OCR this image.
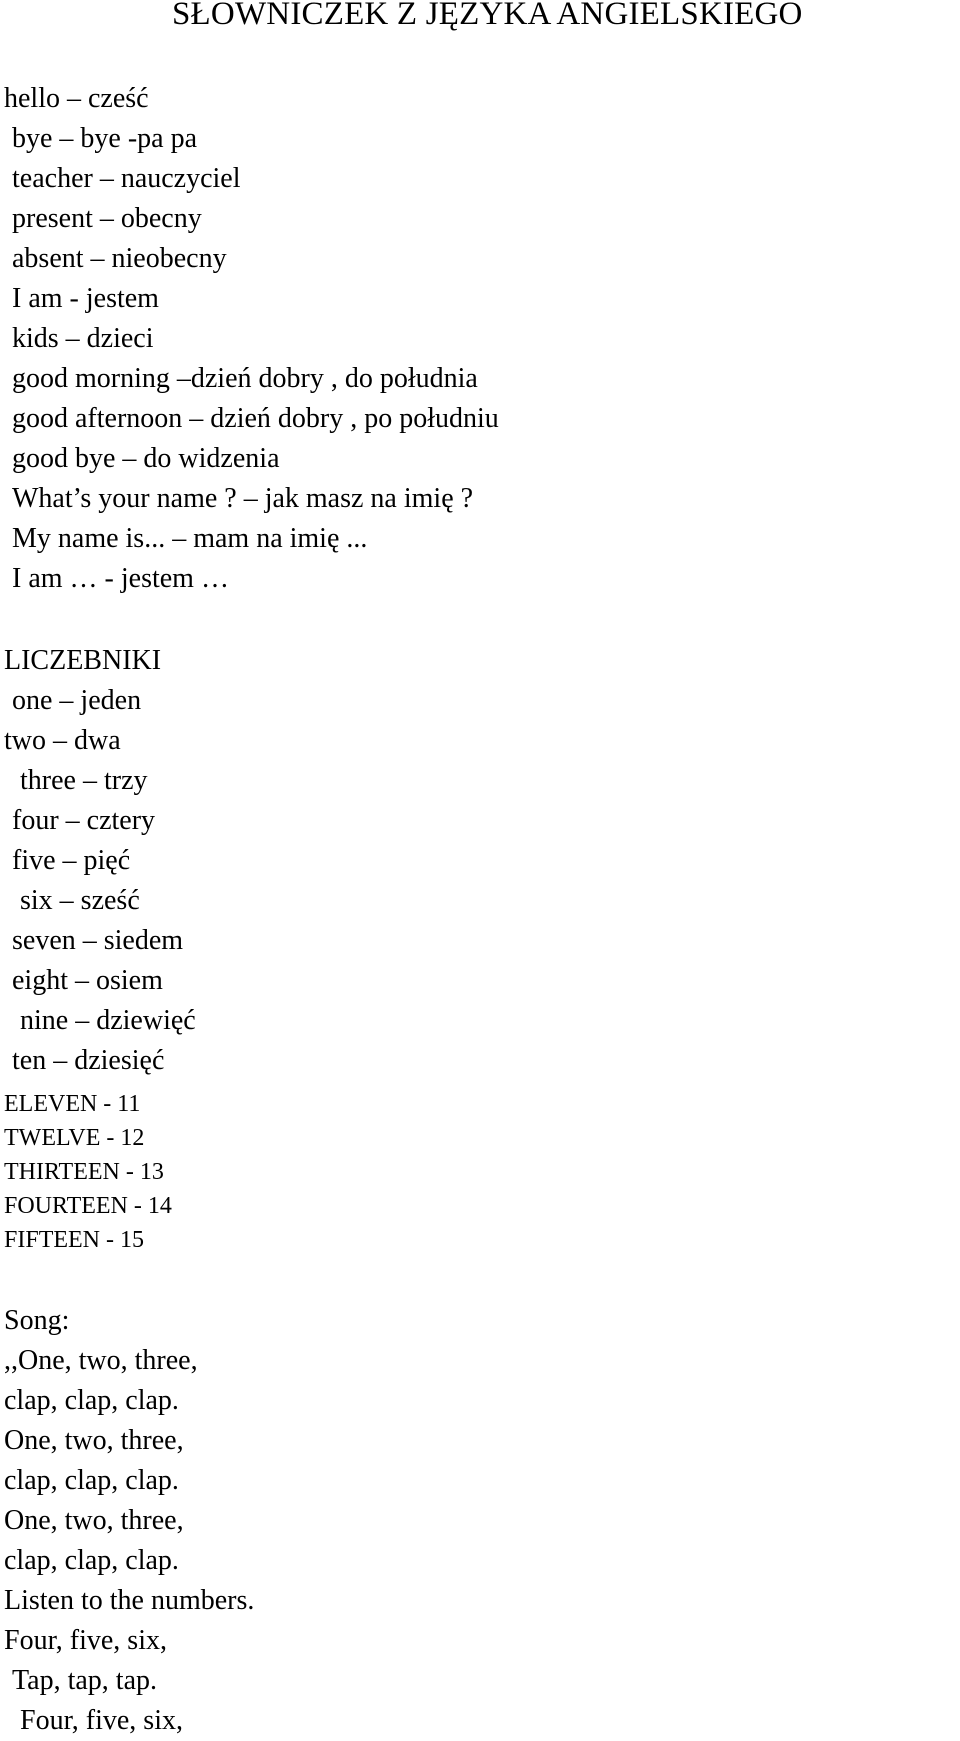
SŁOWNICZEK Z JĘZYKA ANGIELSKIEGO
hello – cześć
bye – bye -pa pa
teacher – nauczyciel
present – obecny
absent – nieobecny
I am - jestem
kids – dzieci
good morning –dzień dobry , do południa
good afternoon – dzień dobry , po południu
good bye – do widzenia
What’s your name ? – jak masz na imię ?
My name is... – mam na imię ...
I am … - jestem …
LICZEBNIKI
one – jeden
two – dwa
three – trzy
four – cztery
five – pięć
six – sześć
seven – siedem
eight – osiem
nine – dziewięć
ten – dziesięć
ELEVEN - 11
TWELVE - 12
THIRTEEN - 13
FOURTEEN - 14
FIFTEEN - 15
Song:
,,One, two, three,
clap, clap, clap.
One, two, three,
clap, clap, clap.
One, two, three,
clap, clap, clap.
Listen to the numbers.
Four, five, six,
Tap, tap, tap.
Four, five, six,
